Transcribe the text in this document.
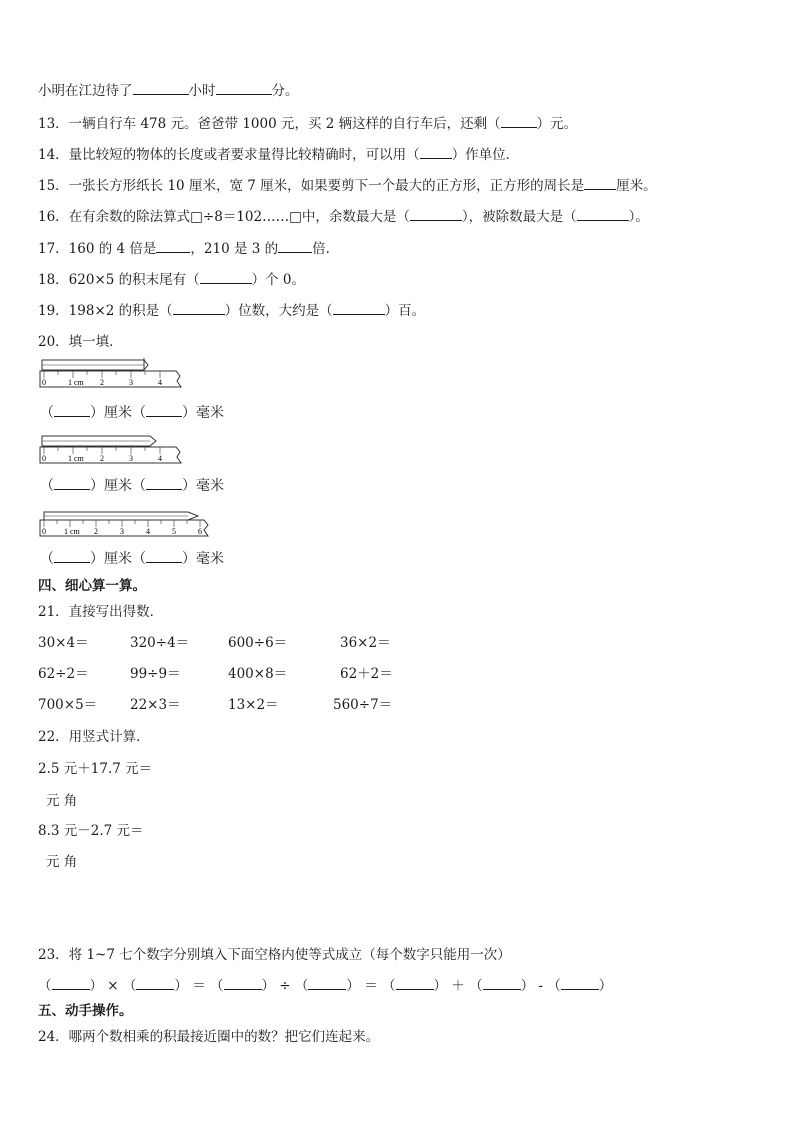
小明在江边待了	小时	分。
13．一辆自行车 478 元。爸爸带 1000 元，买 2 辆这样的自行车后，还剩（	）元。
14．量比较短的物体的长度或者要求量得比较精确时，可以用（ ）作单位．
15．一张长方形纸长 10 厘米，宽 7 厘米，如果要剪下一个最大的正方形，正方形的周长是 厘米。
16．在有余数的除法算式□÷8＝102……□中，余数最大是（	），被除数最大是（	）。
17．160 的 4 倍是	，210 是 3 的	倍．
18．620×5 的积末尾有（	）个 0。
19．198×2 的积是（	）位数，大约是（	）百。
20．填一填．
0	1 cm 2	3	4
（	）厘米（	）毫米
0	1 cm 2	3	4
（	）厘米（	）毫米
0 1 cm 2	3	4	5	6
（	）厘米（	）毫米
四、细心算一算。
21．直接写出得数．
30×4＝	320÷4＝	600÷6＝	36×2＝
62÷2＝	99÷9＝	400×8＝	62＋2＝
700×5＝ 22×3＝	13×2＝	560÷7＝
22．用竖式计算．
2.5 元＋17.7 元＝
元 角
8.3 元－2.7 元＝
元 角
23．将 1~7 七个数字分别填入下面空格内使等式成立（每个数字只能用一次）
（	） × （	） ＝ （	） ÷ （	） ＝ （	） ＋ （	） - （	）
五、动手操作。
24．哪两个数相乘的积最接近圈中的数？把它们连起来。
